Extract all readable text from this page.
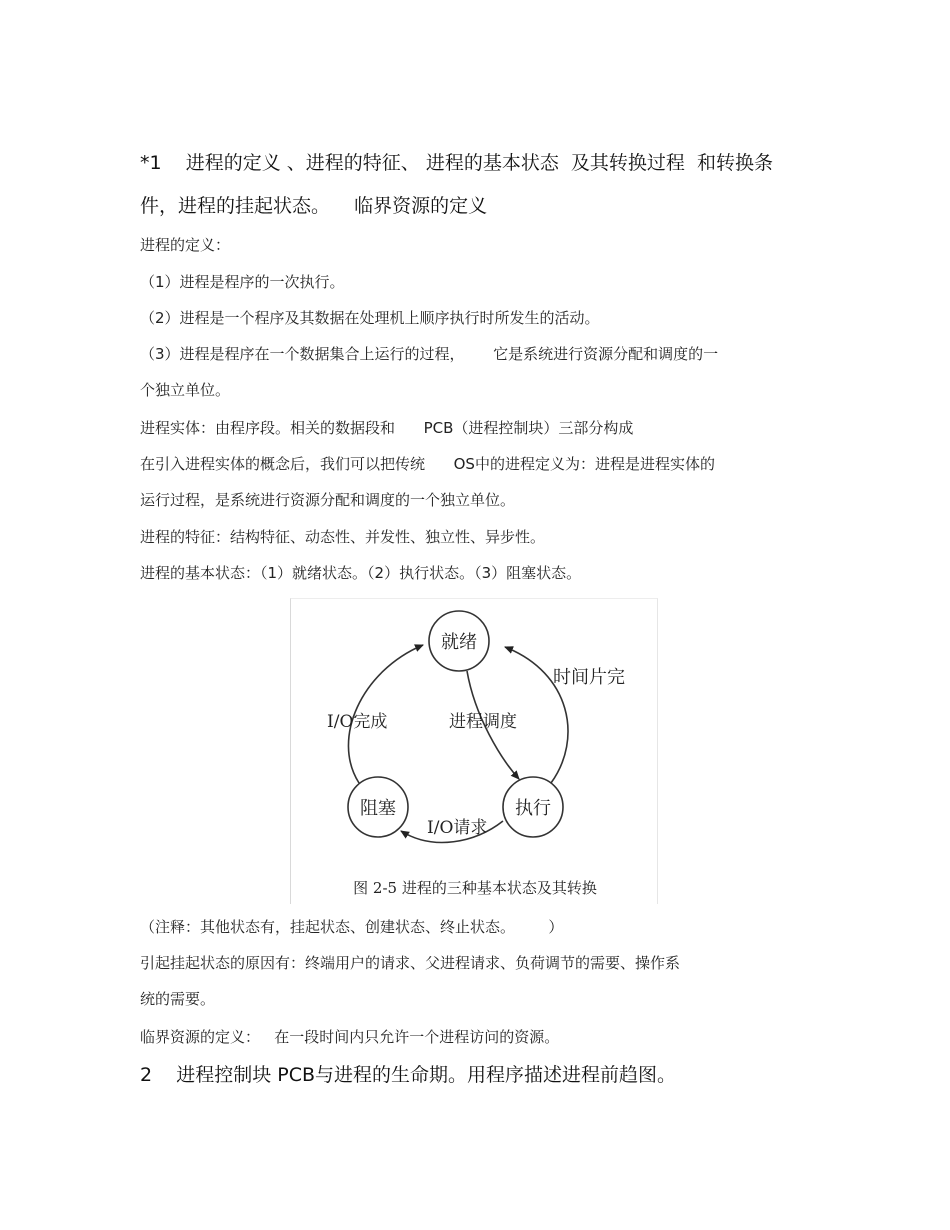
*1    进程的定义 、进程的特征、 进程的基本状态  及其转换过程  和转换条
件，进程的挂起状态。    临界资源的定义
进程的定义：
（1）进程是程序的一次执行。
（2）进程是一个程序及其数据在处理机上顺序执行时所发生的活动。
（3）进程是程序在一个数据集合上运行的过程，      它是系统进行资源分配和调度的一
个独立单位。
进程实体：由程序段。相关的数据段和      PCB（进程控制块）三部分构成
在引入进程实体的概念后，我们可以把传统      OS中的进程定义为：进程是进程实体的
运行过程，是系统进行资源分配和调度的一个独立单位。
进程的特征：结构特征、动态性、并发性、独立性、异步性。
进程的基本状态：（1）就绪状态。（2）执行状态。（3）阻塞状态。
就绪
执行
阻塞
时间片完
I/O完成	进程调度
I/O请求
图 2-5 进程的三种基本状态及其转换
（注释：其他状态有，挂起状态、创建状态、终止状态。       ）
引起挂起状态的原因有：终端用户的请求、父进程请求、负荷调节的需要、操作系
统的需要。
临界资源的定义：   在一段时间内只允许一个进程访问的资源。
2    进程控制块 PCB与进程的生命期。用程序描述进程前趋图。
